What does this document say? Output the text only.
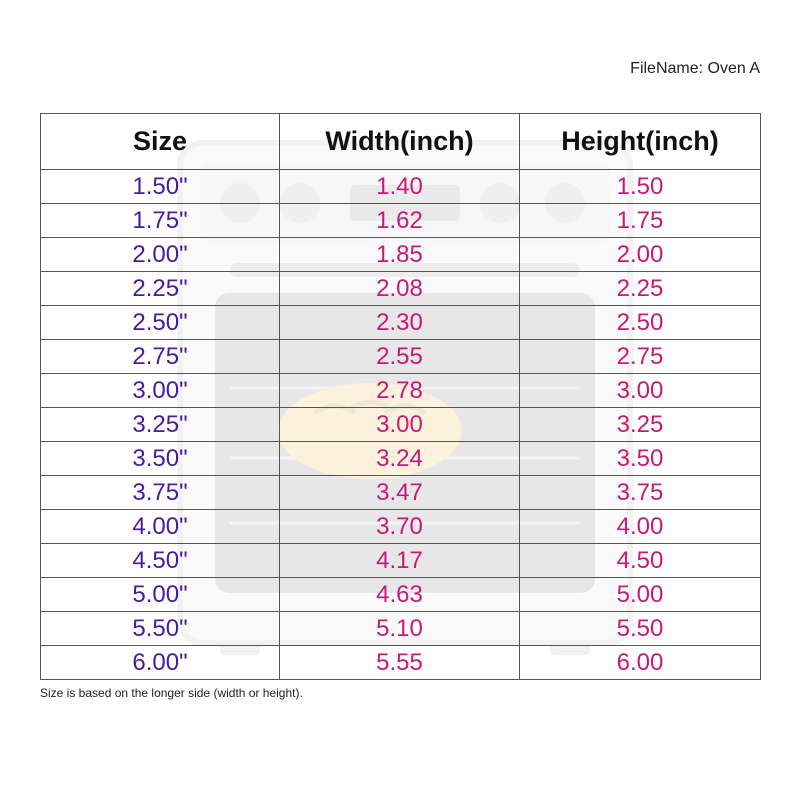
FileName: Oven A
Size	Width(inch)	Height(inch)
1.50"	1.40	1.50
1.75"	1.62	1.75
2.00"	1.85	2.00
2.25"	2.08	2.25
2.50"	2.30	2.50
2.75"	2.55	2.75
3.00"	2.78	3.00
3.25"	3.00	3.25
3.50"	3.24	3.50
3.75"	3.47	3.75
4.00"	3.70	4.00
4.50"	4.17	4.50
5.00"	4.63	5.00
5.50"	5.10	5.50
6.00"	5.55	6.00
Size is based on the longer side (width or height).
